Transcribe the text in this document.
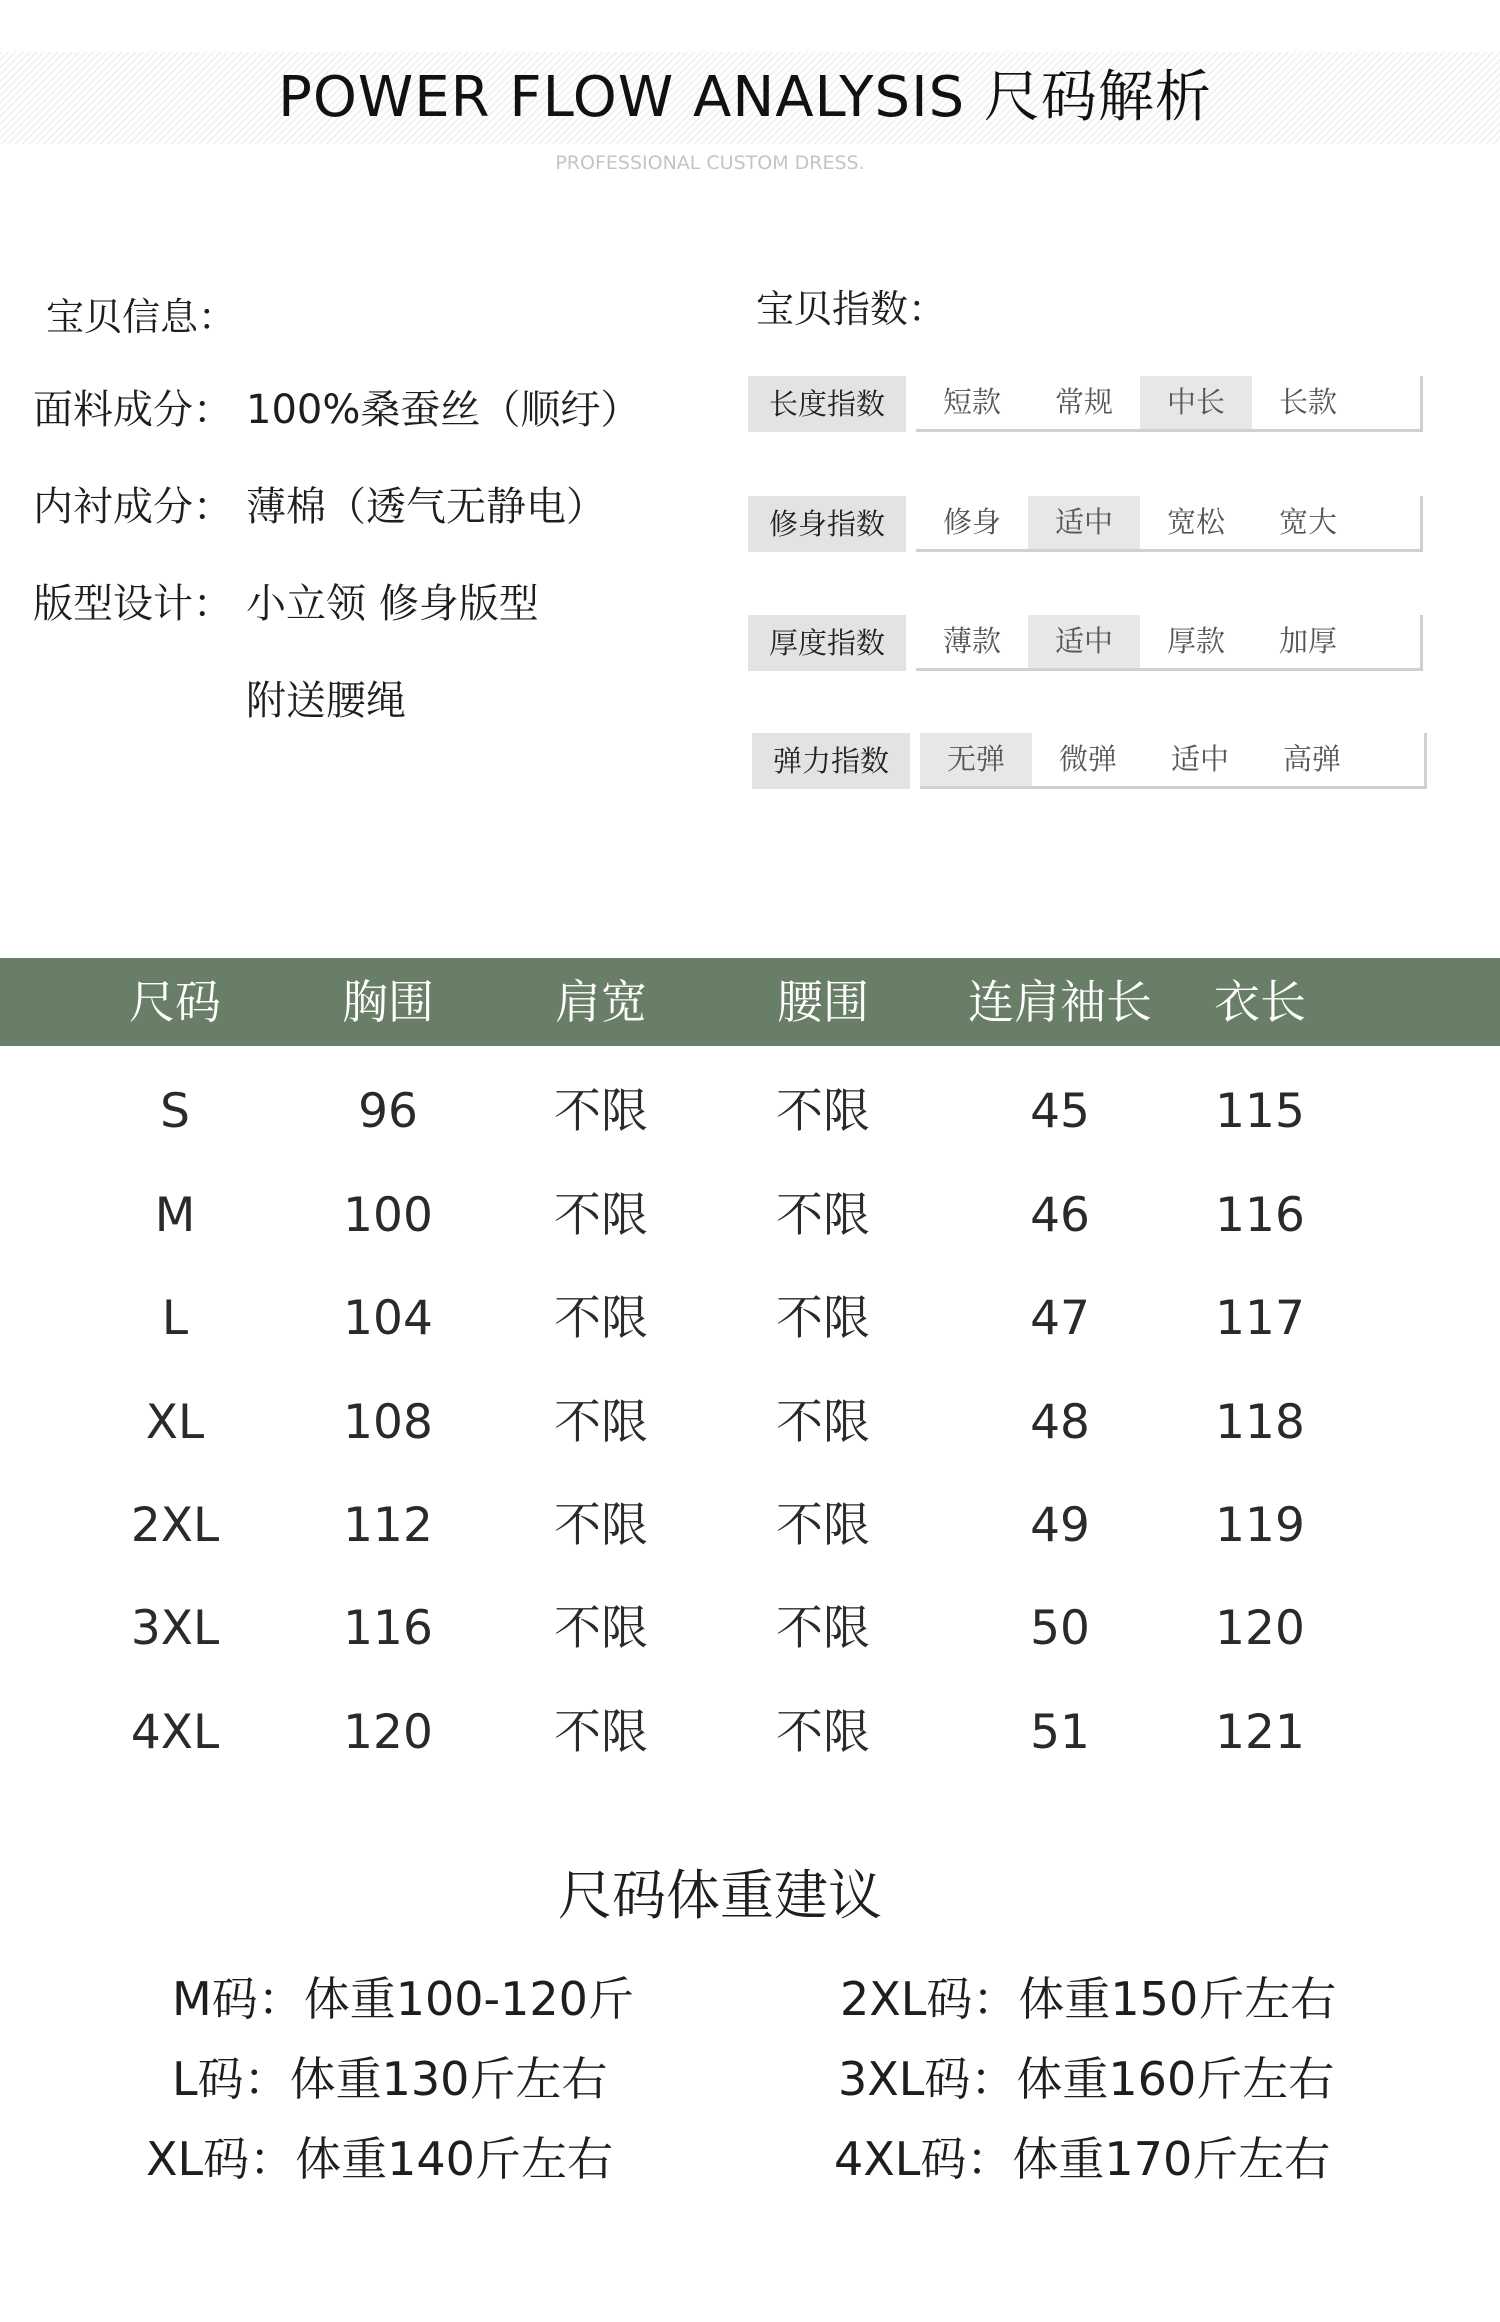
POWER FLOW ANALYSIS 尺码解析
PROFESSIONAL CUSTOM DRESS.
宝贝信息：
面料成分： 100%桑蚕丝（顺纡）
内衬成分： 薄棉（透气无静电）
版型设计： 小立领 修身版型
附送腰绳
宝贝指数：
长度指数	短款	常规	中长	长款
修身指数	修身	适中	宽松	宽大
厚度指数	薄款	适中	厚款	加厚
弹力指数	无弹	微弹	适中	高弹
尺码	胸围	肩宽	腰围	连肩袖长	衣长
S	96	不限	不限	45	115
M	100	不限	不限	46	116
L	104	不限	不限	47	117
XL	108	不限	不限	48	118
2XL	112	不限	不限	49	119
3XL	116	不限	不限	50	120
4XL	120	不限	不限	51	121
尺码体重建议
M码：体重100-120斤
L码：体重130斤左右
XL码：体重140斤左右
2XL码：体重150斤左右
3XL码：体重160斤左右
4XL码：体重170斤左右
